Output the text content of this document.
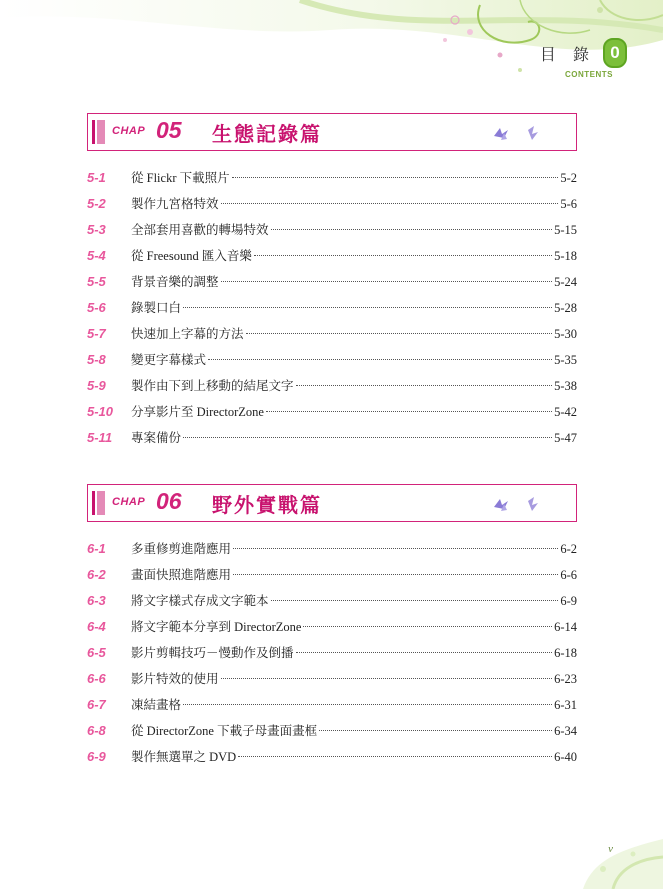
目 錄 0
CONTENTS
CHAP 05 生態記錄篇
5-1	從 Flickr 下載照片	5-2
5-2	製作九宮格特效	5-6
5-3	全部套用喜歡的轉場特效	5-15
5-4	從 Freesound 匯入音樂	5-18
5-5	背景音樂的調整	5-24
5-6	錄製口白	5-28
5-7	快速加上字幕的方法	5-30
5-8	變更字幕樣式	5-35
5-9	製作由下到上移動的結尾文字	5-38
5-10	分享影片至 DirectorZone	5-42
5-11	專案備份	5-47
CHAP 06 野外實戰篇
6-1	多重修剪進階應用	6-2
6-2	畫面快照進階應用	6-6
6-3	將文字樣式存成文字範本	6-9
6-4	將文字範本分享到 DirectorZone	6-14
6-5	影片剪輯技巧－慢動作及倒播	6-18
6-6	影片特效的使用	6-23
6-7	凍結畫格	6-31
6-8	從 DirectorZone 下載子母畫面畫框	6-34
6-9	製作無選單之 DVD	6-40
v
